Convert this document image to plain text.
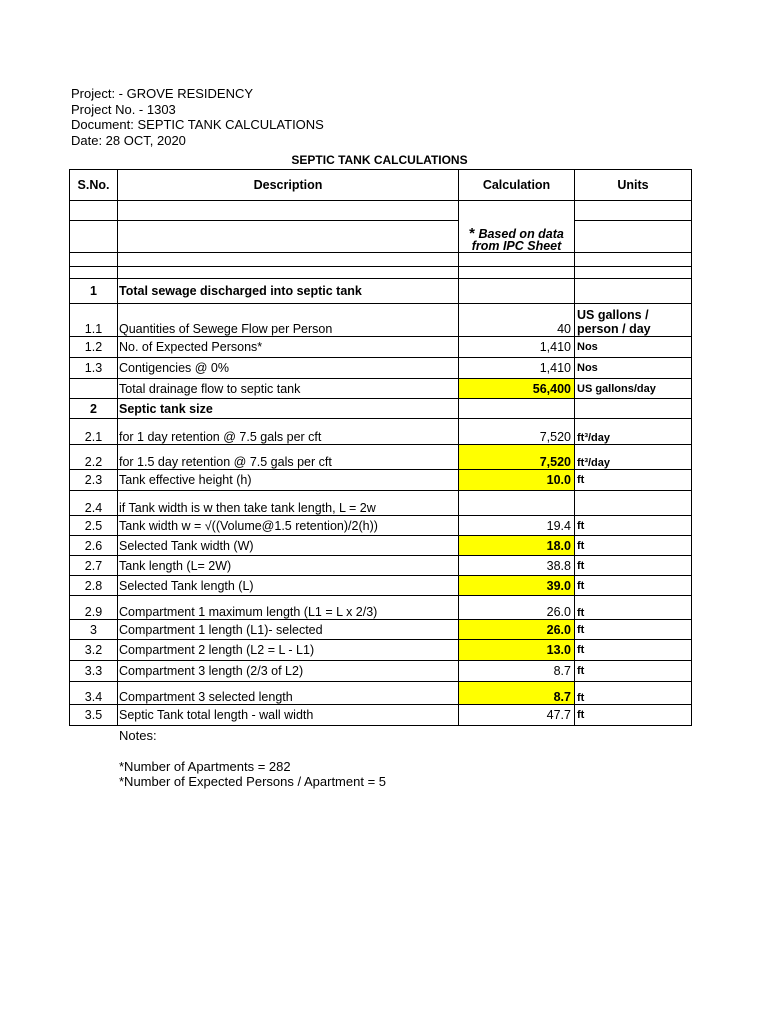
Project: - GROVE RESIDENCY
Project No. - 1303
Document: SEPTIC TANK CALCULATIONS
Date: 28 OCT, 2020
SEPTIC TANK CALCULATIONS
S.No.	Description	Calculation	Units

		* Based on data
from IPC Sheet	

1	Total sewage discharged into septic tank		
1.1	Quantities of Sewege Flow per Person	40	US gallons / person / day
1.2	No. of Expected Persons*	1,410	Nos
1.3	Contigencies @ 0%	1,410	Nos
	Total drainage flow to septic tank	56,400	US gallons/day
2	Septic tank size		
2.1	for 1 day retention @ 7.5 gals per cft	7,520	ft³/day
2.2	for 1.5 day retention @ 7.5 gals per cft	7,520	ft³/day
2.3	Tank effective height (h)	10.0	ft
2.4	if Tank width is w then take tank length, L = 2w		
2.5	Tank width w = √((Volume@1.5 retention)/2(h))	19.4	ft
2.6	Selected Tank width (W)	18.0	ft
2.7	Tank length (L= 2W)	38.8	ft
2.8	Selected Tank length (L)	39.0	ft
2.9	Compartment 1 maximum length (L1 = L x 2/3)	26.0	ft
3	Compartment 1 length (L1)- selected	26.0	ft
3.2	Compartment 2 length (L2 = L - L1)	13.0	ft
3.3	Compartment 3 length (2/3 of L2)	8.7	ft
3.4	Compartment 3 selected length	8.7	ft
3.5	Septic Tank total length - wall width	47.7	ft
Notes:
*Number of Apartments = 282
*Number of Expected Persons / Apartment = 5
